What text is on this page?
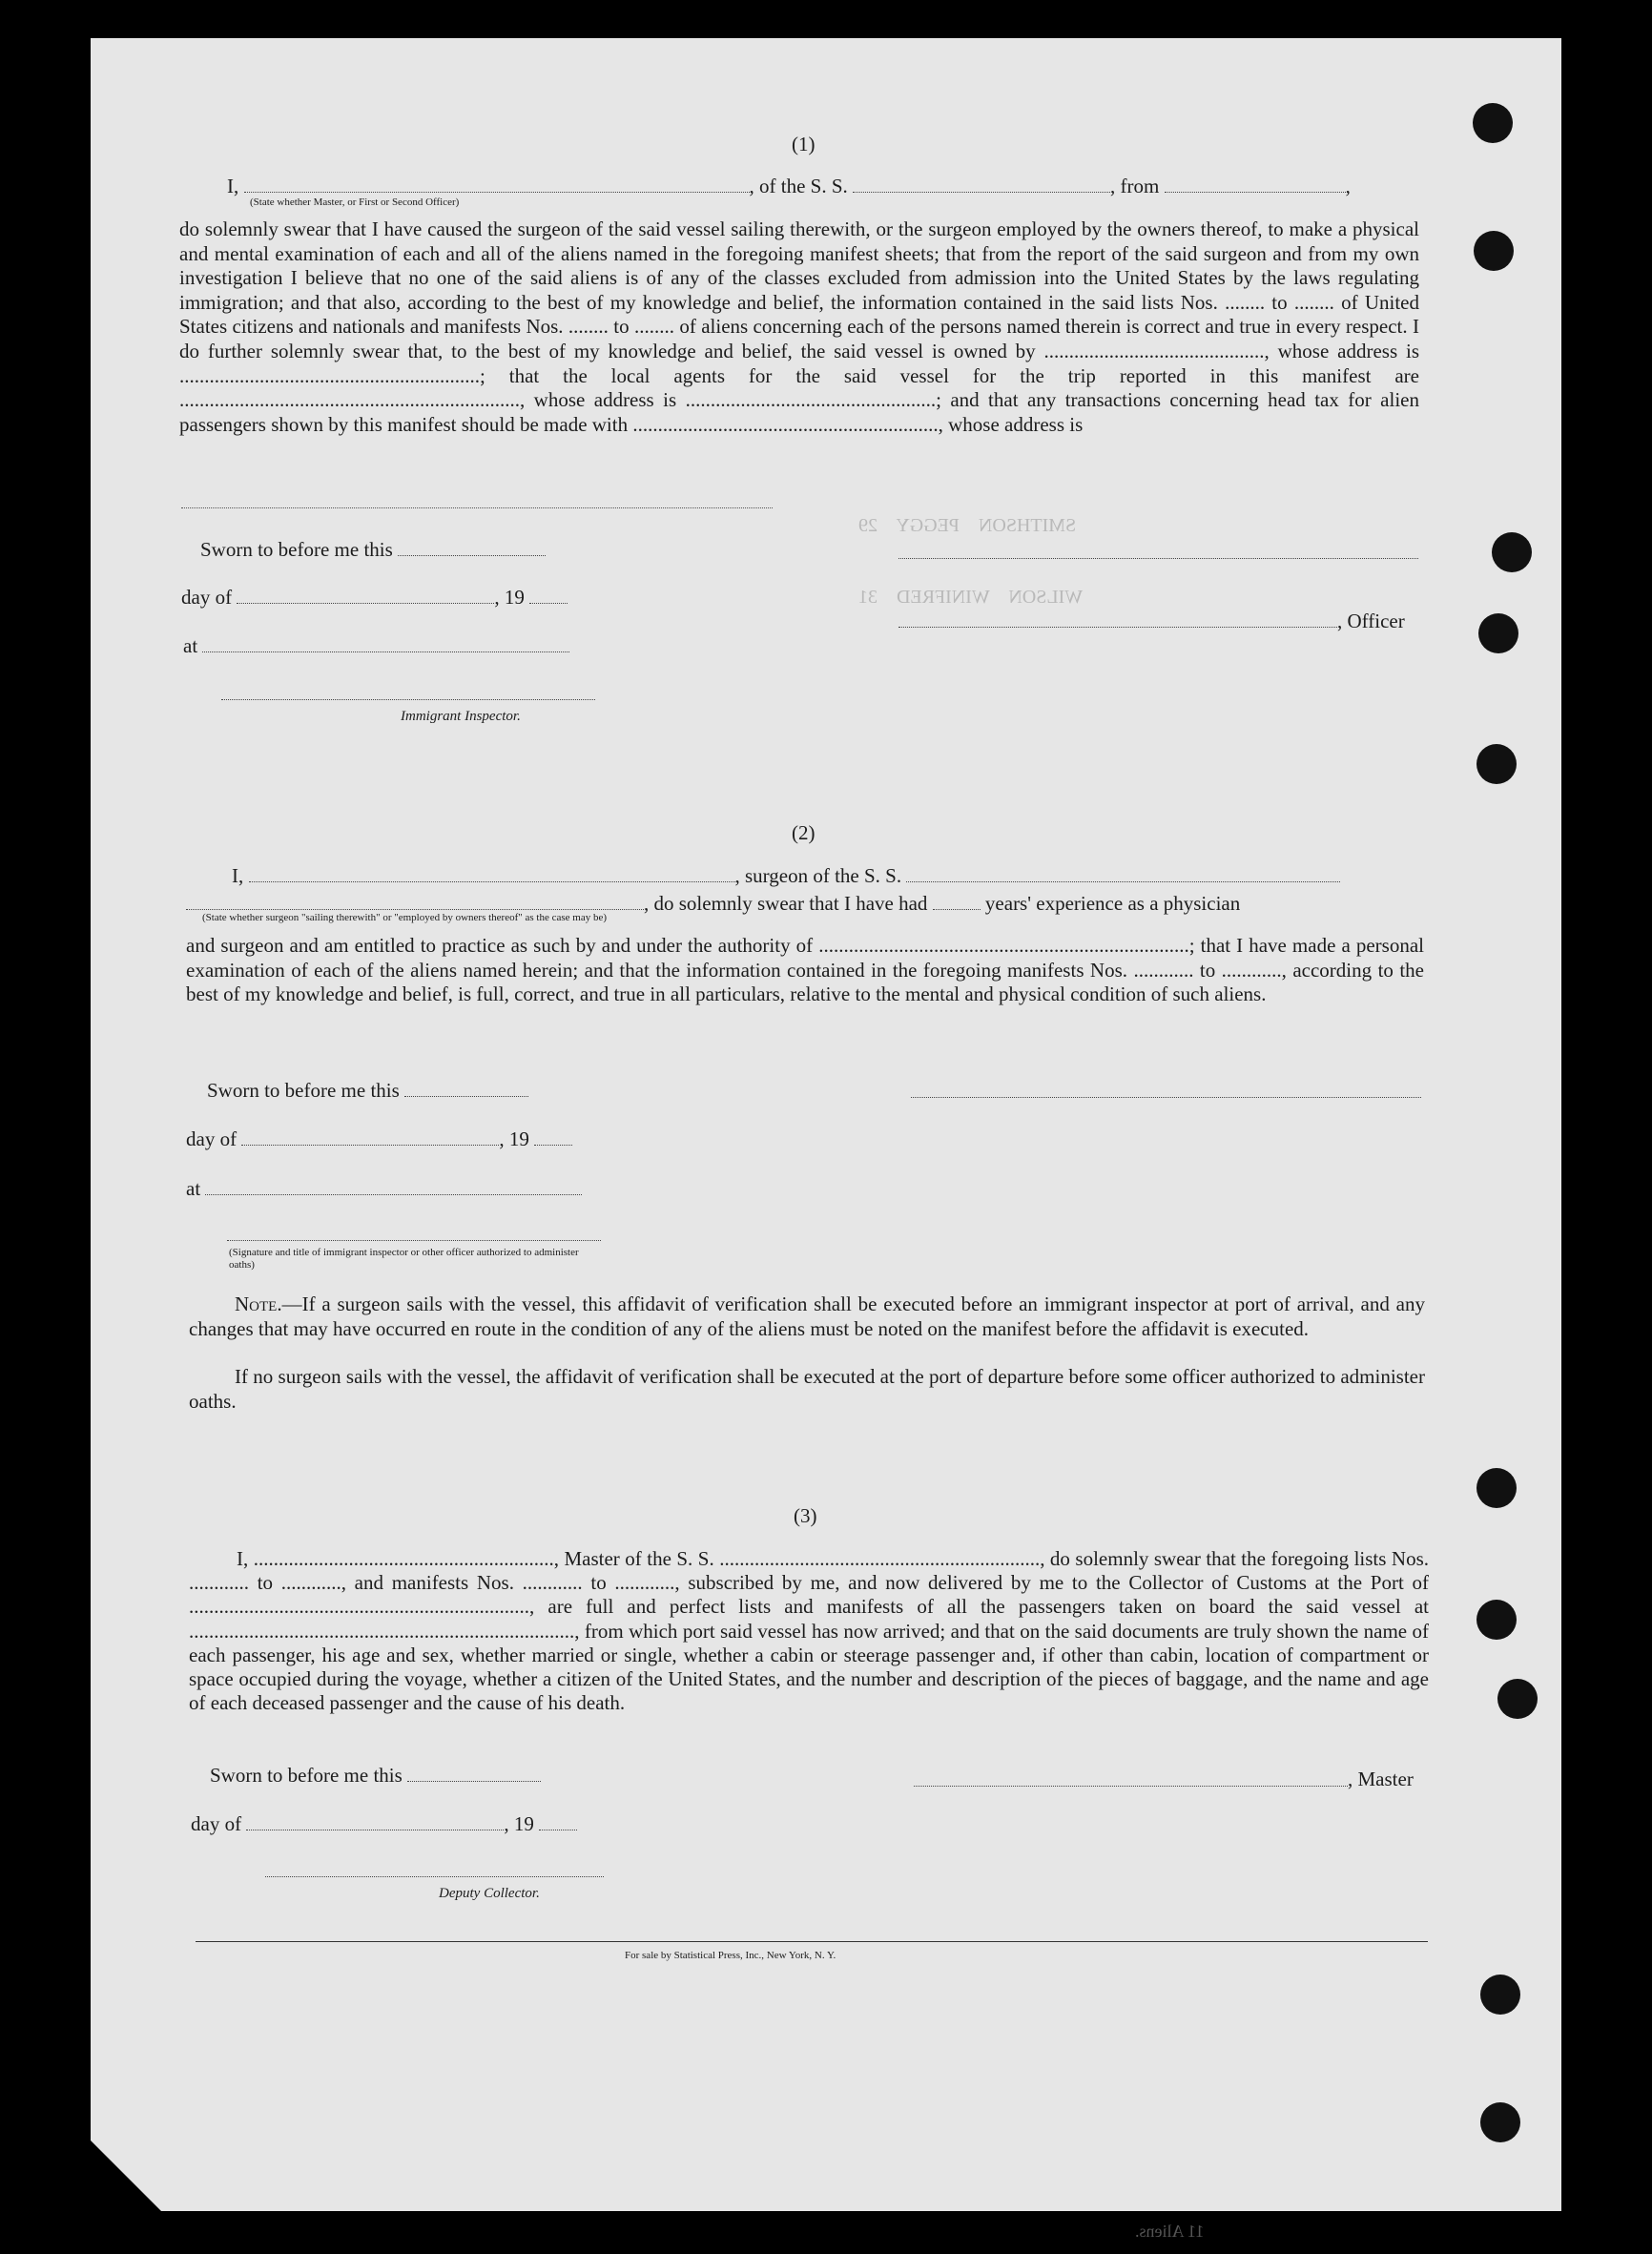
SMITHSON    PEGGY    29
WILSON    WINIFRED    31
(1)
I,	, of the S. S.	, from	,
(State whether Master, or First or Second Officer)

do solemnly swear that I have caused the surgeon of the said vessel sailing therewith, or the surgeon employed by the owners thereof, to make a physical and mental examination of each and all of the aliens named in the foregoing manifest sheets; that from the report of the said surgeon and from my own investigation I believe that no one of the said aliens is of any of the classes excluded from admission into the United States by the laws regulating immigration; and that also, according to the best of my knowledge and belief, the information contained in the said lists Nos. ........ to ........ of United States citizens and nationals and manifests Nos. ........ to ........ of aliens concerning each of the persons named therein is correct and true in every respect. I do further solemnly swear that, to the best of my knowledge and belief, the said vessel is owned by ............................................, whose address is ............................................................; that the local agents for the said vessel for the trip reported in this manifest are ...................................................................., whose address is ..................................................; and that any transactions concerning head tax for alien passengers shown by this manifest should be made with ............................................................., whose address is

Sworn to before me this
day of	, 19
at
Immigrant Inspector.
, Officer
(2)
I,	, surgeon of the S. S.
, do solemnly swear that I have had	years' experience as a physician
(State whether surgeon "sailing therewith" or "employed by owners thereof" as the case may be)

and surgeon and am entitled to practice as such by and under the authority of ..........................................................................; that I have made a personal examination of each of the aliens named herein; and that the information contained in the foregoing manifests Nos. ............ to ............, according to the best of my knowledge and belief, is full, correct, and true in all particulars, relative to the mental and physical condition of such aliens.

Sworn to before me this
day of	, 19
at
(Signature and title of immigrant inspector or other officer authorized to administer oaths)

Note.—If a surgeon sails with the vessel, this affidavit of verification shall be executed before an immigrant inspector at port of arrival, and any changes that may have occurred en route in the condition of any of the aliens must be noted on the manifest before the affidavit is executed.

If no surgeon sails with the vessel, the affidavit of verification shall be executed at the port of departure before some officer authorized to administer oaths.

(3)

I, ............................................................, Master of the S. S. ................................................................, do solemnly swear that the foregoing lists Nos. ............ to ............, and manifests Nos. ............ to ............, subscribed by me, and now delivered by me to the Collector of Customs at the Port of ...................................................................., are full and perfect lists and manifests of all the passengers taken on board the said vessel at ............................................................................., from which port said vessel has now arrived; and that on the said documents are truly shown the name of each passenger, his age and sex, whether married or single, whether a cabin or steerage passenger and, if other than cabin, location of compartment or space occupied during the voyage, whether a citizen of the United States, and the number and description of the pieces of baggage, and the name and age of each deceased passenger and the cause of his death.

Sworn to before me this	, Master
day of	, 19
Deputy Collector.
For sale by Statistical Press, Inc., New York, N. Y.
11 Aliens.
